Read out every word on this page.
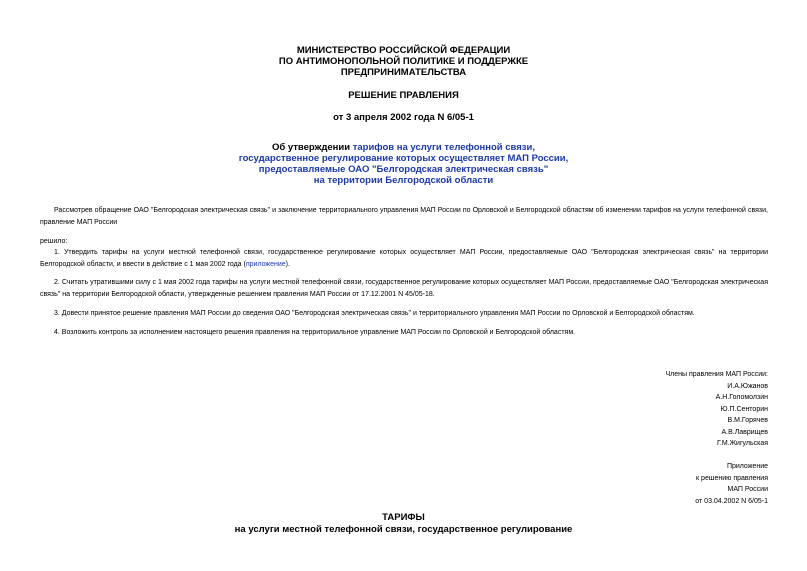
МИНИСТЕРСТВО РОССИЙСКОЙ ФЕДЕРАЦИИ
ПО АНТИМОНОПОЛЬНОЙ ПОЛИТИКЕ И ПОДДЕРЖКЕ
ПРЕДПРИНИМАТЕЛЬСТВА
РЕШЕНИЕ ПРАВЛЕНИЯ
от 3 апреля 2002 года N 6/05-1
Об утверждении тарифов на услуги телефонной связи,
государственное регулирование которых осуществляет МАП России,
предоставляемые ОАО "Белгородская электрическая связь"
на территории Белгородской области
Рассмотрев обращение ОАО "Белгородская электрическая связь" и заключение территориального управления МАП России по Орловской и Белгородской областям об изменении тарифов на услуги телефонной связи, правление МАП России
решило:
1. Утвердить тарифы на услуги местной телефонной связи, государственное регулирование которых осуществляет МАП России, предоставляемые ОАО "Белгородская электрическая связь" на территории Белгородской области, и ввести в действие с 1 мая 2002 года (приложение).
2. Считать утратившими силу с 1 мая 2002 года тарифы на услуги местной телефонной связи, государственное регулирование которых осуществляет МАП России, предоставляемые ОАО "Белгородская электрическая связь" на территории Белгородской области, утвержденные решением правления МАП России от 17.12.2001 N 45/05-18.
3. Довести принятое решение правления МАП России до сведения ОАО "Белгородская электрическая связь" и территориального управления МАП России по Орловской и Белгородской областям.
4. Возложить контроль за исполнением настоящего решения правления на территориальное управление МАП России по Орловской и Белгородской областям.
Члены правления МАП России:
И.А.Южанов
А.Н.Голомолзин
Ю.П.Сенторин
В.М.Горячев
А.В.Лаврищев
Г.М.Жигульская
Приложение
к решению правления
МАП России
от 03.04.2002 N 6/05-1
ТАРИФЫ
на услуги местной телефонной связи, государственное регулирование
